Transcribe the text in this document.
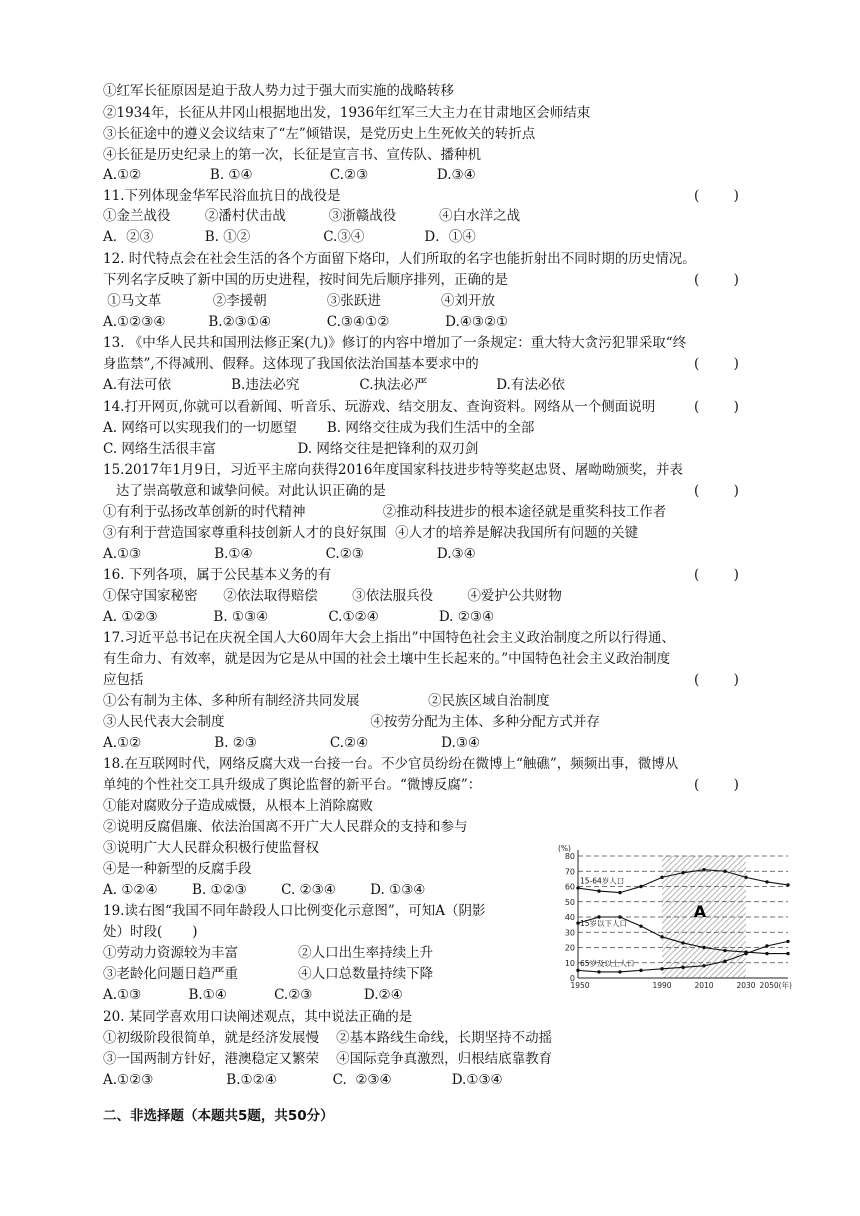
①红军长征原因是迫于敌人势力过于强大而实施的战略转移
②1934年，长征从井冈山根据地出发，1936年红军三大主力在甘肃地区会师结束
③长征途中的遵义会议结束了“左”倾错误，是党历史上生死攸关的转折点
④长征是历史纪录上的第一次，长征是宣言书、宣传队、播种机
A.①②                B. ①④                  C.②③                D.③④
11.下列体现金华军民浴血抗日的战役是
①金兰战役        ②潘村伏击战          ③浙赣战役          ④白水洋之战
A．②③            B. ①②                 C.③④              D．①④
12. 时代特点会在社会生活的各个方面留下烙印，人们所取的名字也能折射出不同时期的历史情况。
下列名字反映了新中国的历史进程，按时间先后顺序排列，正确的是
①马文革            ②李援朝              ③张跃进              ④刘开放
A.①②③④          B.②③①④             C.③④①②             D.④③②①
13. 《中华人民共和国刑法修正案(九)》修订的内容中增加了一条规定：重大特大贪污犯罪采取“终
身监禁”,不得减刑、假释。这体现了我国依法治国基本要求中的
A.有法可依              B.违法必究              C.执法必严                D.有法必依
14.打开网页,你就可以看新闻、听音乐、玩游戏、结交朋友、查询资料。网络从一个侧面说明
A. 网络可以实现我们的一切愿望       B. 网络交往成为我们生活中的全部
C. 网络生活很丰富                   D. 网络交往是把锋利的双刃剑
15.2017年1月9日，习近平主席向获得2016年度国家科技进步特等奖赵忠贤、屠呦呦颁奖，并表
达了崇高敬意和诚挚问候。对此认识正确的是
①有利于弘扬改革创新的时代精神                  ②推动科技进步的根本途径就是重奖科技工作者
③有利于营造国家尊重科技创新人才的良好氛围  ④人才的培养是解决我国所有问题的关键
A.①③                 B.①④                 C.②③                 D.③④
16. 下列各项，属于公民基本义务的有
①保守国家秘密      ②依法取得赔偿        ③依法服兵役        ④爱护公共财物
A. ①②③             B. ①③④              C.①②④              D. ②③④
17.习近平总书记在庆祝全国人大60周年大会上指出”中国特色社会主义政治制度之所以行得通、
有生命力、有效率，就是因为它是从中国的社会土壤中生长起来的。”中国特色社会主义政治制度
应包括
①公有制为主体、多种所有制经济共同发展                ②民族区域自治制度
③人民代表大会制度                                  ④按劳分配为主体、多种分配方式并存
A.①②                 B. ②③                 C.②④                 D.③④
18.在互联网时代，网络反腐大戏一台接一台。不少官员纷纷在微博上“触礁”，频频出事，微博从
单纯的个性社交工具升级成了舆论监督的新平台。“微博反腐”：
①能对腐败分子造成威慑，从根本上消除腐败
②说明反腐倡廉、依法治国离不开广大人民群众的支持和参与
③说明广大人民群众积极行使监督权
④是一种新型的反腐手段
A. ①②④        B. ①②③        C. ②③④        D. ①③④
19.读右图“我国不同年龄段人口比例变化示意图”，可知A（阴影
处）时段(       )
①劳动力资源较为丰富              ②人口出生率持续上升
③老龄化问题日趋严重              ④人口总数量持续下降
A.①③           B.①④           C.②③            D.②④
20. 某同学喜欢用口诀阐述观点，其中说法正确的是
①初级阶段很简单，就是经济发展慢    ②基本路线生命线，长期坚持不动摇
③一国两制方针好，港澳稳定又繁荣    ④国际竞争真激烈，归根结底靠教育
A.①②③                 B.①②④             C.  ②③④              D.①③④
(        )
(        )
(        )
(        )
(        )
(        )
(        )
(        )
二、非选择题（本题共5题，共50分）
80
70
60
50
40
30
20
10
0
(%)
1950	1990	2010	2030 2050(年)
15-64岁人口
15岁以下人口
65岁及以上人口
A
